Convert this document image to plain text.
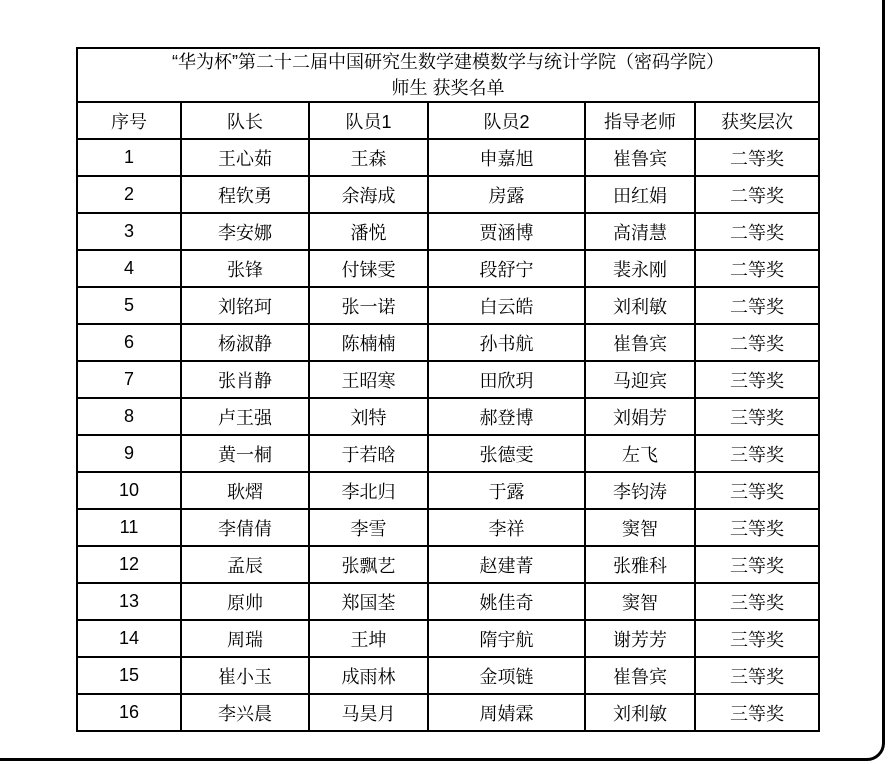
“华为杯”第二十二届中国研究生数学建模数学与统计学院（密码学院）
师生 获奖名单					

序号	队长	队员1	队员2	指导老师	获奖层次
1	王心茹	王森	申嘉旭	崔鲁宾	二等奖
2	程钦勇	余海成	房露	田红娟	二等奖
3	李安娜	潘悦	贾涵博	高清慧	二等奖
4	张锋	付铼雯	段舒宁	裴永刚	二等奖
5	刘铭珂	张一诺	白云皓	刘利敏	二等奖
6	杨淑静	陈楠楠	孙书航	崔鲁宾	二等奖
7	张肖静	王昭寒	田欣玥	马迎宾	三等奖
8	卢王强	刘特	郝登博	刘娟芳	三等奖
9	黄一桐	于若晗	张德雯	左飞	三等奖
10	耿熠	李北归	于露	李钧涛	三等奖
11	李倩倩	李雪	李祥	窦智	三等奖
12	孟辰	张飘艺	赵建菁	张雅科	三等奖
13	原帅	郑国荃	姚佳奇	窦智	三等奖
14	周瑞	王坤	隋宇航	谢芳芳	三等奖
15	崔小玉	成雨林	金项链	崔鲁宾	三等奖
16	李兴晨	马昊月	周婧霖	刘利敏	三等奖
